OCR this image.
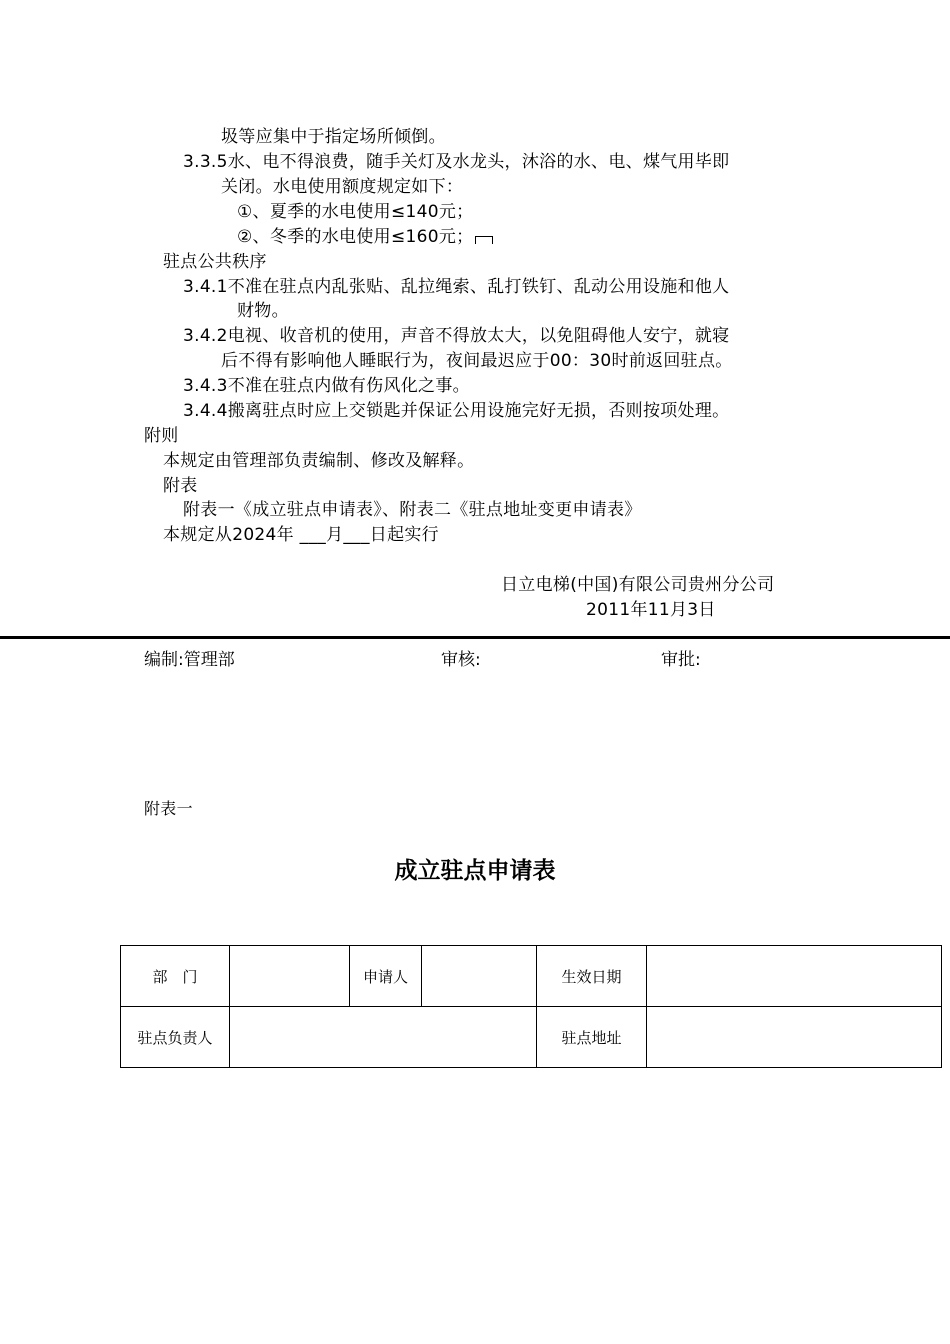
圾等应集中于指定场所倾倒。
3.3.5水、电不得浪费，随手关灯及水龙头，沐浴的水、电、煤气用毕即
关闭。水电使用额度规定如下：
①、夏季的水电使用≤140元；
②、冬季的水电使用≤160元；
驻点公共秩序
3.4.1不准在驻点内乱张贴、乱拉绳索、乱打铁钉、乱动公用设施和他人
财物。
3.4.2电视、收音机的使用，声音不得放太大，以免阻碍他人安宁，就寝
后不得有影响他人睡眠行为，夜间最迟应于00：30时前返回驻点。
3.4.3不准在驻点内做有伤风化之事。
3.4.4搬离驻点时应上交锁匙并保证公用设施完好无损，否则按项处理。
附则
本规定由管理部负责编制、修改及解释。
附表
附表一《成立驻点申请表》、附表二《驻点地址变更申请表》
本规定从2024年 ___月___日起实行
日立电梯(中国)有限公司贵州分公司
2011年11月3日
编制:管理部	审核:	审批:
附表一
成立驻点申请表
部　门		申请人		生效日期	
驻点负责人				驻点地址	
